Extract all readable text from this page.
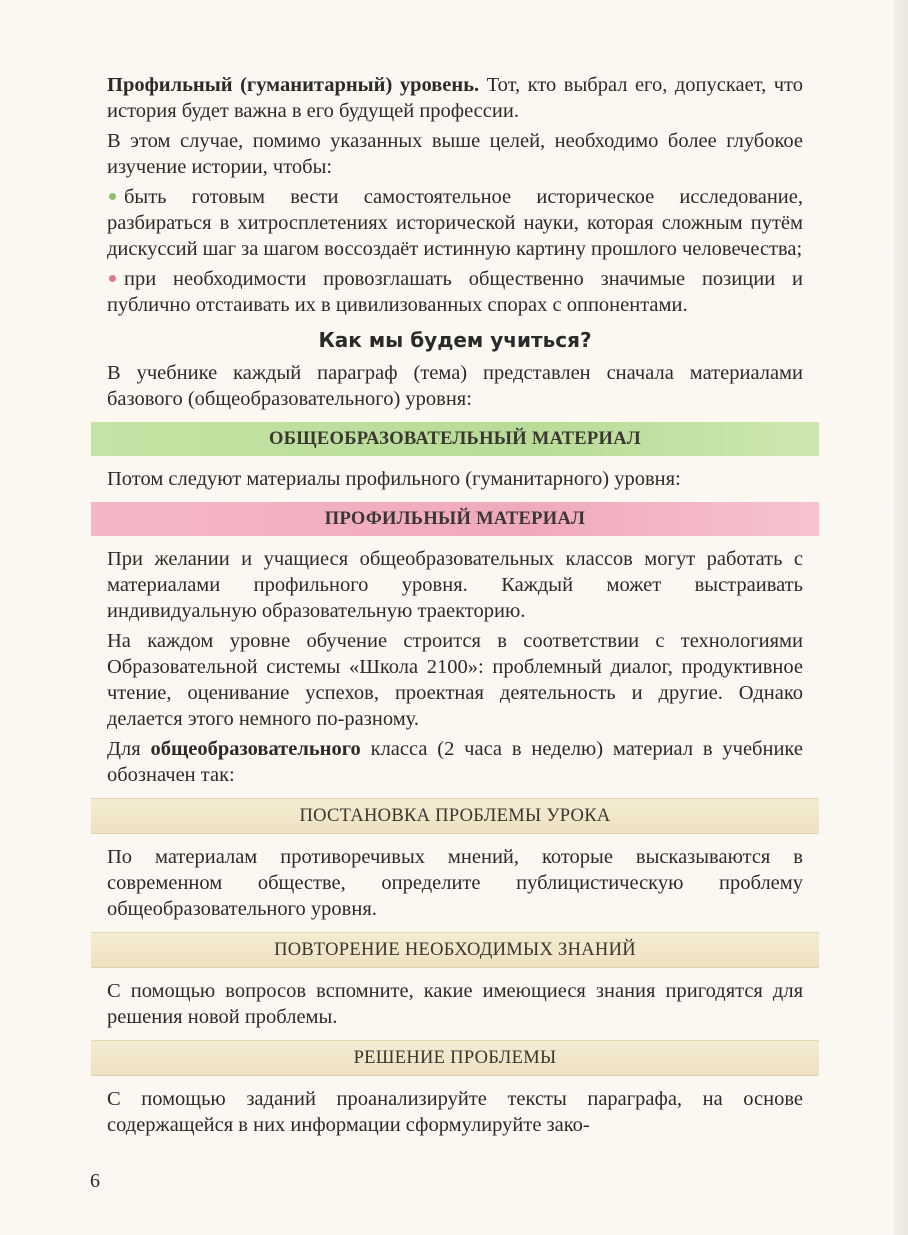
Профильный (гуманитарный) уровень. Тот, кто выбрал его, допускает, что история будет важна в его будущей профессии.

В этом случае, помимо указанных выше целей, необходимо более глубокое изучение истории, чтобы:

быть готовым вести самостоятельное историческое исследование, разбираться в хитросплетениях исторической науки, которая сложным путём дискуссий шаг за шагом воссоздаёт истинную картину прошлого человечества;

при необходимости провозглашать общественно значимые позиции и публично отстаивать их в цивилизованных спорах с оппонентами.

Как мы будем учиться?

В учебнике каждый параграф (тема) представлен сначала материалами базового (общеобразовательного) уровня:

ОБЩЕОБРАЗОВАТЕЛЬНЫЙ МАТЕРИАЛ

Потом следуют материалы профильного (гуманитарного) уровня:

ПРОФИЛЬНЫЙ МАТЕРИАЛ

При желании и учащиеся общеобразовательных классов могут работать с материалами профильного уровня. Каждый может выстраивать индивидуальную образовательную траекторию.

На каждом уровне обучение строится в соответствии с технологиями Образовательной системы «Школа 2100»: проблемный диалог, продуктивное чтение, оценивание успехов, проектная деятельность и другие. Однако делается этого немного по-разному.

Для общеобразовательного класса (2 часа в неделю) материал в учебнике обозначен так:

ПОСТАНОВКА ПРОБЛЕМЫ УРОКА

По материалам противоречивых мнений, которые высказываются в современном обществе, определите публицистическую проблему общеобразовательного уровня.

ПОВТОРЕНИЕ НЕОБХОДИМЫХ ЗНАНИЙ

С помощью вопросов вспомните, какие имеющиеся знания пригодятся для решения новой проблемы.

РЕШЕНИЕ ПРОБЛЕМЫ

С помощью заданий проанализируйте тексты параграфа, на основе содержащейся в них информации сформулируйте зако-

6
